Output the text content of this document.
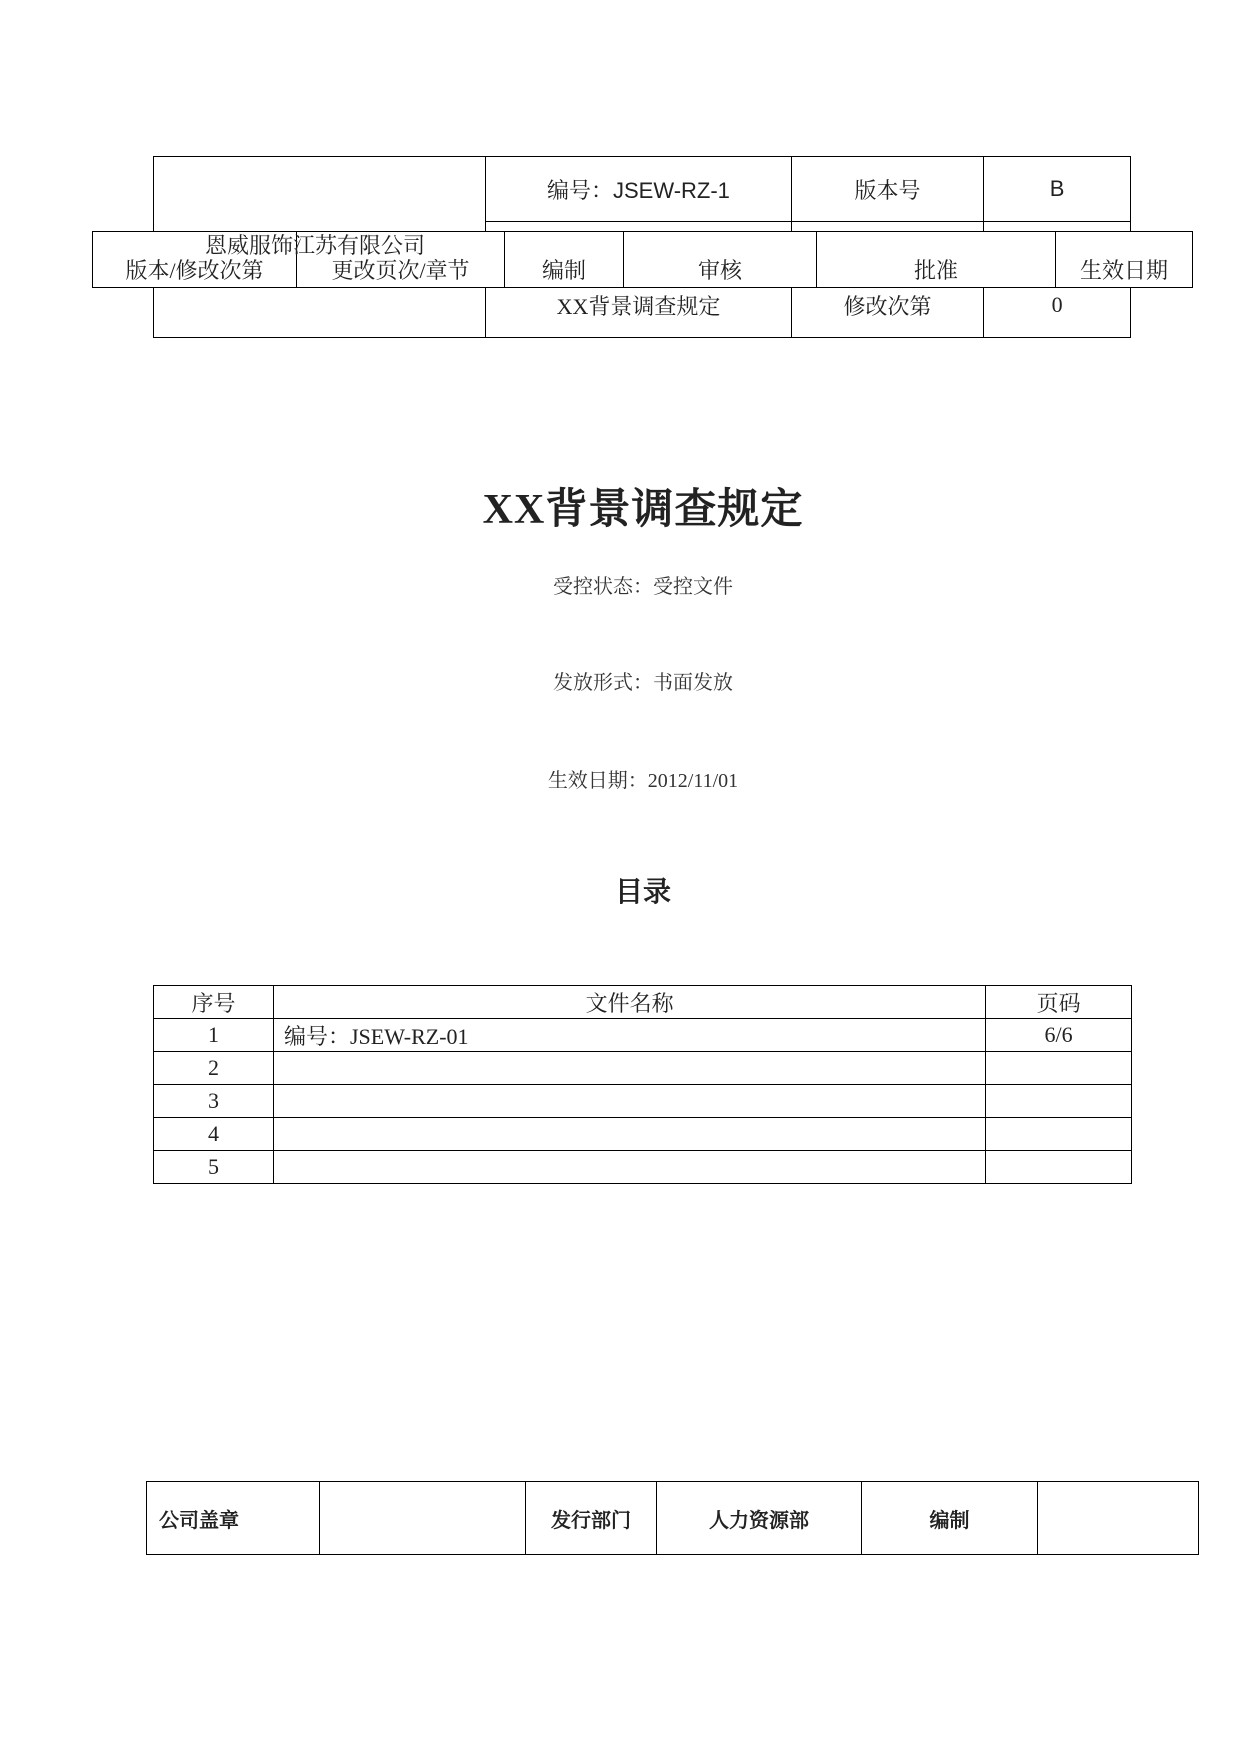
	编号：JSEW-RZ-1	版本号	B

	XX背景调查规定	修改次第	0
版本/修改次第	更改页次/章节	编制	审核	批准	生效日期
恩威服饰江苏有限公司
XX背景调查规定
受控状态：受控文件
发放形式：书面发放
生效日期：2012/11/01
目录
序号	文件名称	页码
1	编号：JSEW-RZ-01	6/6
2		
3		
4		
5		
公司盖章		发行部门	人力资源部	编制	
